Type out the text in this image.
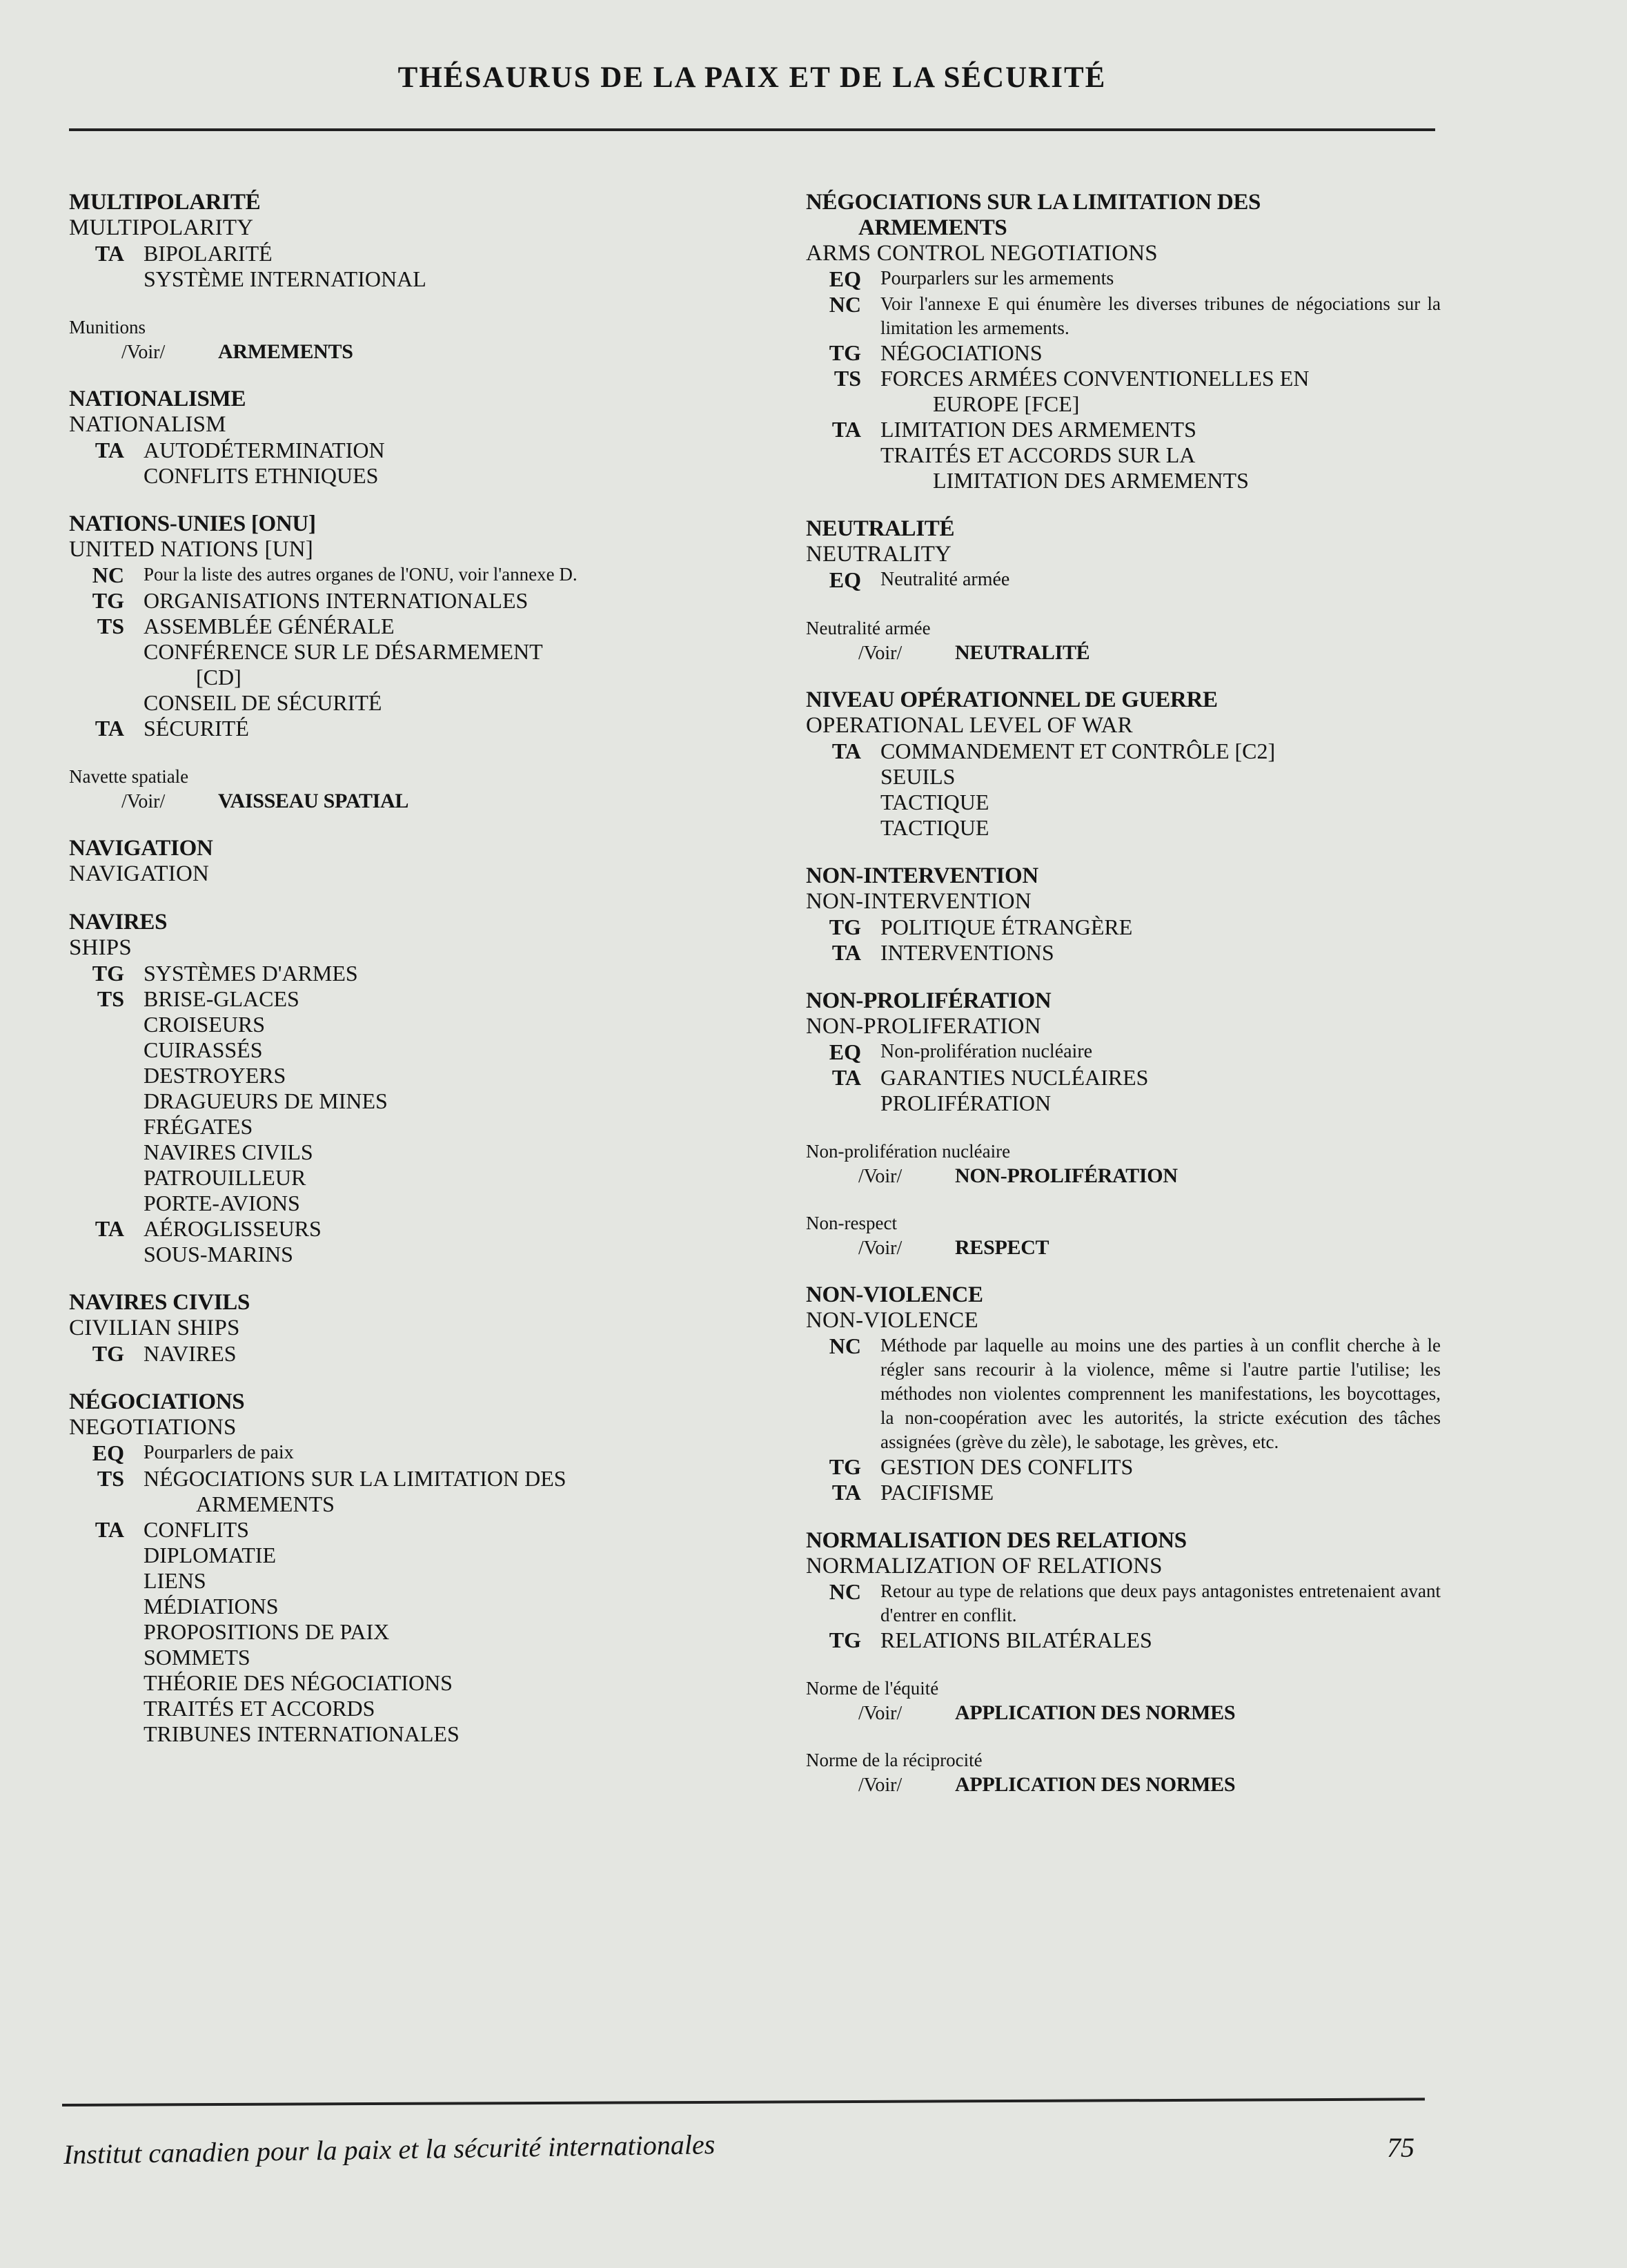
THÉSAURUS DE LA PAIX ET DE LA SÉCURITÉ
MULTIPOLARITÉ
MULTIPOLARITY
TA BIPOLARITÉ
SYSTÈME INTERNATIONAL
Munitions
/Voir/	ARMEMENTS
NATIONALISME
NATIONALISM
TA AUTODÉTERMINATION
CONFLITS ETHNIQUES
NATIONS-UNIES [ONU]
UNITED NATIONS [UN]
NC	Pour la liste des autres organes de l'ONU, voir l'annexe D.
TG ORGANISATIONS INTERNATIONALES
TS ASSEMBLÉE GÉNÉRALE
CONFÉRENCE SUR LE DÉSARMEMENT
[CD]
CONSEIL DE SÉCURITÉ
TA SÉCURITÉ
Navette spatiale
/Voir/	VAISSEAU SPATIAL
NAVIGATION
NAVIGATION
NAVIRES
SHIPS
TG SYSTÈMES D'ARMES
TS BRISE-GLACES
CROISEURS
CUIRASSÉS
DESTROYERS
DRAGUEURS DE MINES
FRÉGATES
NAVIRES CIVILS
PATROUILLEUR
PORTE-AVIONS
TA AÉROGLISSEURS
SOUS-MARINS
NAVIRES CIVILS
CIVILIAN SHIPS
TG NAVIRES
NÉGOCIATIONS
NEGOTIATIONS
EQ	Pourparlers de paix
TS NÉGOCIATIONS SUR LA LIMITATION DES
ARMEMENTS
TA CONFLITS
DIPLOMATIE
LIENS
MÉDIATIONS
PROPOSITIONS DE PAIX
SOMMETS
THÉORIE DES NÉGOCIATIONS
TRAITÉS ET ACCORDS
TRIBUNES INTERNATIONALES
NÉGOCIATIONS SUR LA LIMITATION DES
ARMEMENTS
ARMS CONTROL NEGOTIATIONS
EQ	Pourparlers sur les armements
NC	Voir l'annexe E qui énumère les diverses tribunes de négociations sur la limitation les armements.
TG NÉGOCIATIONS
TS FORCES ARMÉES CONVENTIONELLES EN
EUROPE [FCE]
TA LIMITATION DES ARMEMENTS
TRAITÉS ET ACCORDS SUR LA
LIMITATION DES ARMEMENTS
NEUTRALITÉ
NEUTRALITY
EQ	Neutralité armée
Neutralité armée
/Voir/	NEUTRALITÉ
NIVEAU OPÉRATIONNEL DE GUERRE
OPERATIONAL LEVEL OF WAR
TA COMMANDEMENT ET CONTRÔLE [C2]
SEUILS
TACTIQUE
TACTIQUE
NON-INTERVENTION
NON-INTERVENTION
TG POLITIQUE ÉTRANGÈRE
TA INTERVENTIONS
NON-PROLIFÉRATION
NON-PROLIFERATION
EQ	Non-prolifération nucléaire
TA GARANTIES NUCLÉAIRES
PROLIFÉRATION
Non-prolifération nucléaire
/Voir/	NON-PROLIFÉRATION
Non-respect
/Voir/	RESPECT
NON-VIOLENCE
NON-VIOLENCE
NC	Méthode par laquelle au moins une des parties à un conflit cherche à le régler sans recourir à la violence, même si l'autre partie l'utilise; les méthodes non violentes comprennent les manifestations, les boycottages, la non-coopération avec les autorités, la stricte exécution des tâches assignées (grève du zèle), le sabotage, les grèves, etc.
TG GESTION DES CONFLITS
TA PACIFISME
NORMALISATION DES RELATIONS
NORMALIZATION OF RELATIONS
NC	Retour au type de relations que deux pays antagonistes entretenaient avant d'entrer en conflit.
TG RELATIONS BILATÉRALES
Norme de l'équité
/Voir/	APPLICATION DES NORMES
Norme de la réciprocité
/Voir/	APPLICATION DES NORMES
Institut canadien pour la paix et la sécurité internationales	75
